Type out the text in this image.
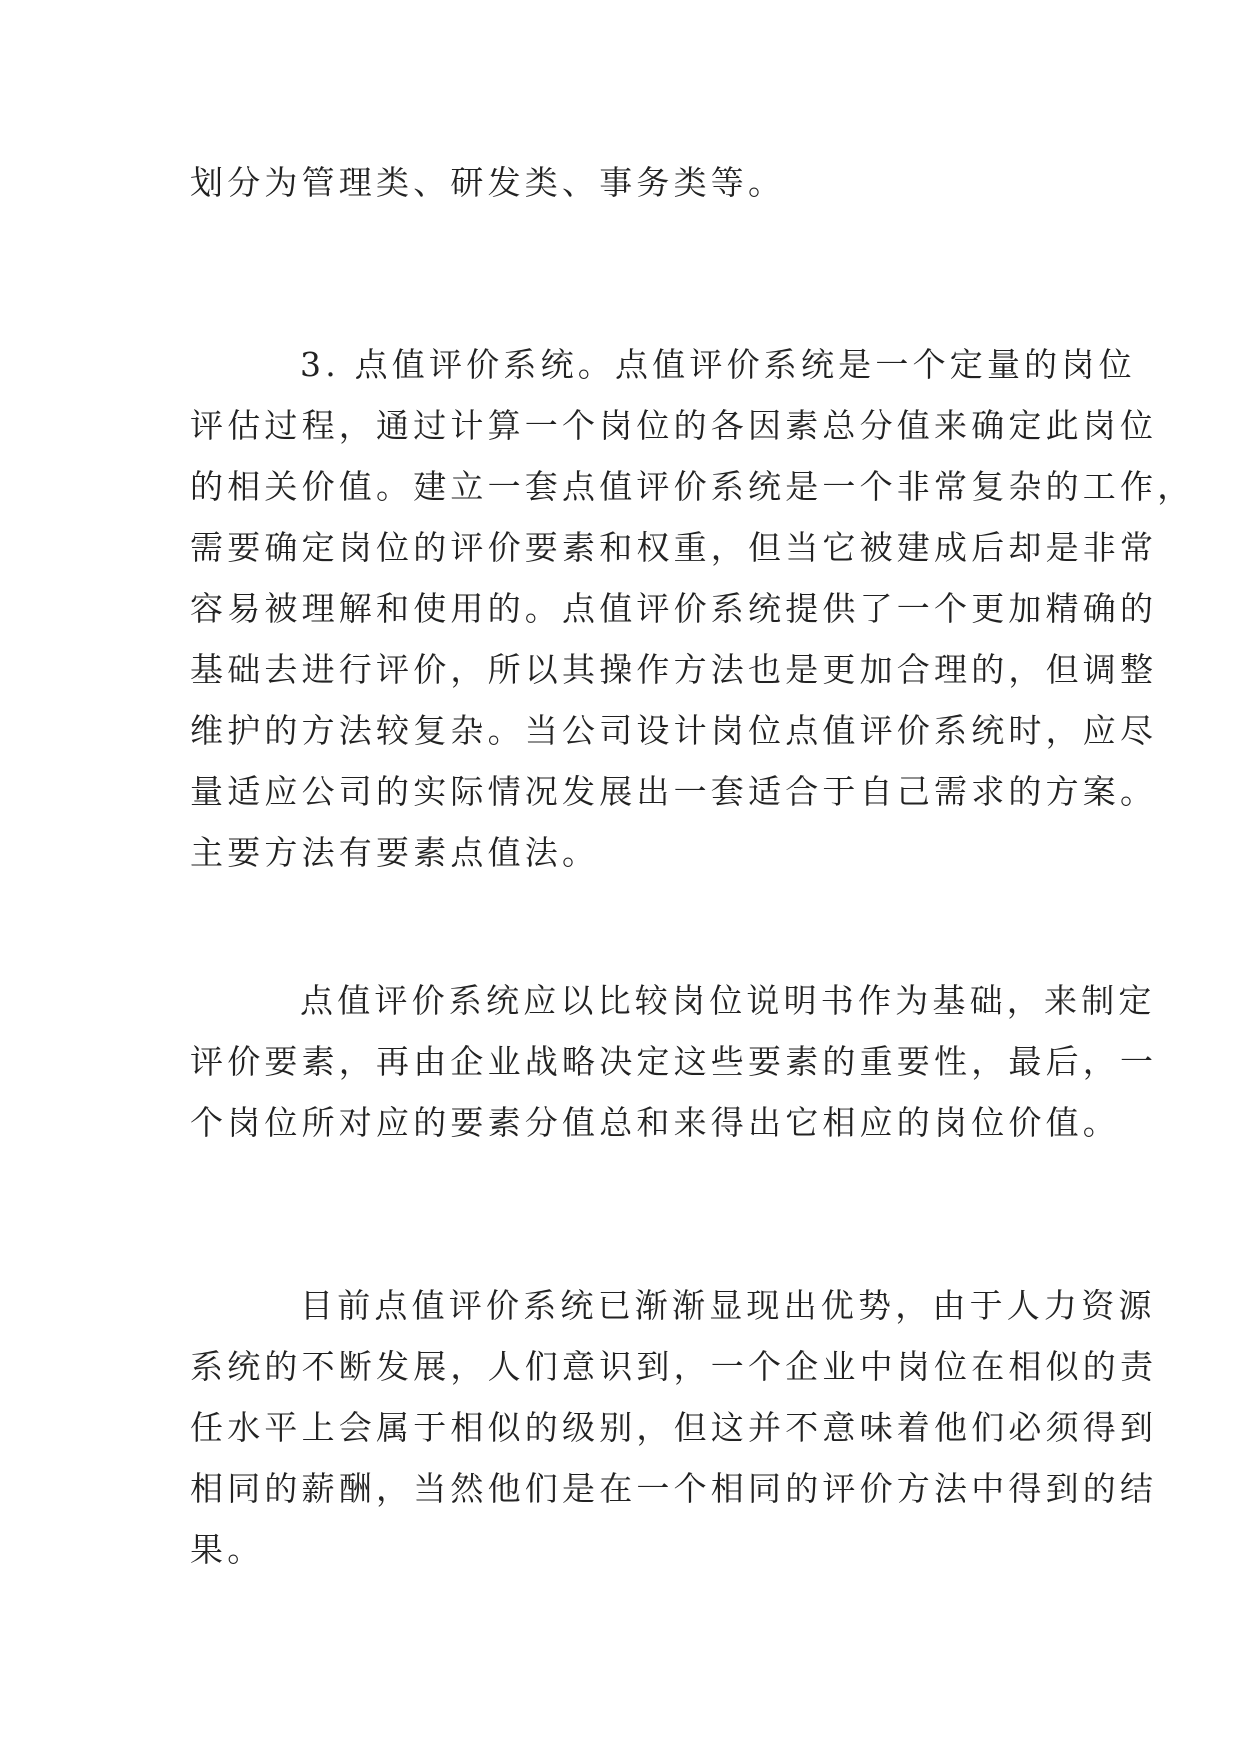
划分为管理类、研发类、事务类等。

3. 点值评价系统。点值评价系统是一个定量的岗位
评估过程，通过计算一个岗位的各因素总分值来确定此岗位
的相关价值。建立一套点值评价系统是一个非常复杂的工作，
需要确定岗位的评价要素和权重，但当它被建成后却是非常
容易被理解和使用的。点值评价系统提供了一个更加精确的
基础去进行评价，所以其操作方法也是更加合理的，但调整
维护的方法较复杂。当公司设计岗位点值评价系统时，应尽
量适应公司的实际情况发展出一套适合于自己需求的方案。
主要方法有要素点值法。

点值评价系统应以比较岗位说明书作为基础，来制定
评价要素，再由企业战略决定这些要素的重要性，最后，一
个岗位所对应的要素分值总和来得出它相应的岗位价值。

目前点值评价系统已渐渐显现出优势，由于人力资源
系统的不断发展，人们意识到，一个企业中岗位在相似的责
任水平上会属于相似的级别，但这并不意味着他们必须得到
相同的薪酬，当然他们是在一个相同的评价方法中得到的结
果。
